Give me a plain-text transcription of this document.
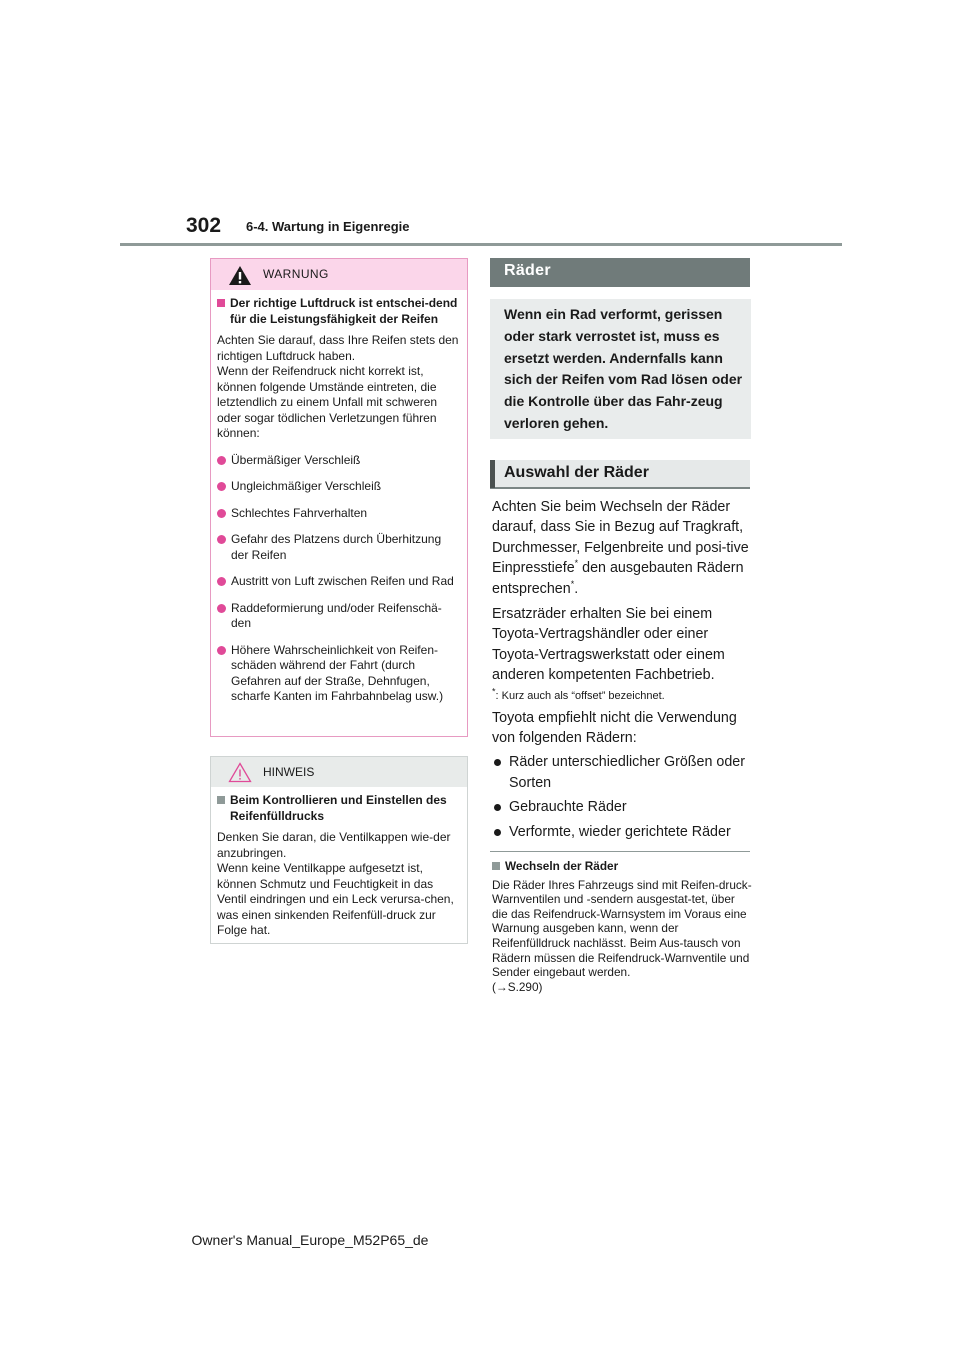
302 6-4. Wartung in Eigenregie
WARNUNG
Der richtige Luftdruck ist entschei-dend für die Leistungsfähigkeit der Reifen
Achten Sie darauf, dass Ihre Reifen stets den richtigen Luftdruck haben.
Wenn der Reifendruck nicht korrekt ist, können folgende Umstände eintreten, die letztendlich zu einem Unfall mit schweren oder sogar tödlichen Verletzungen führen können:
Übermäßiger Verschleiß
Ungleichmäßiger Verschleiß
Schlechtes Fahrverhalten
Gefahr des Platzens durch Überhitzung der Reifen
Austritt von Luft zwischen Reifen und Rad
Raddeformierung und/oder Reifenschä-den
Höhere Wahrscheinlichkeit von Reifen-schäden während der Fahrt (durch Gefahren auf der Straße, Dehnfugen, scharfe Kanten im Fahrbahnbelag usw.)
HINWEIS
Beim Kontrollieren und Einstellen des Reifenfülldrucks
Denken Sie daran, die Ventilkappen wie-der anzubringen.
Wenn keine Ventilkappe aufgesetzt ist, können Schmutz und Feuchtigkeit in das Ventil eindringen und ein Leck verursa-chen, was einen sinkenden Reifenfüll-druck zur Folge hat.
Räder
Wenn ein Rad verformt, gerissen oder stark verrostet ist, muss es ersetzt werden. Andernfalls kann sich der Reifen vom Rad lösen oder die Kontrolle über das Fahr-zeug verloren gehen.
Auswahl der Räder

Achten Sie beim Wechseln der Räder darauf, dass Sie in Bezug auf Tragkraft, Durchmesser, Felgenbreite und posi-tive Einpresstiefe* den ausgebauten Rädern entsprechen*.

Ersatzräder erhalten Sie bei einem Toyota-Vertragshändler oder einer Toyota-Vertragswerkstatt oder einem anderen kompetenten Fachbetrieb.

*: Kurz auch als “offset” bezeichnet.

Toyota empfiehlt nicht die Verwendung von folgenden Rädern:

Räder unterschiedlicher Größen oder Sorten

Gebrauchte Räder

Verformte, wieder gerichtete Räder

Wechseln der Räder
Die Räder Ihres Fahrzeugs sind mit Reifen-druck-Warnventilen und -sendern ausgestat-tet, über die das Reifendruck-Warnsystem im Voraus eine Warnung ausgeben kann, wenn der Reifenfülldruck nachlässt. Beim Aus-tausch von Rädern müssen die Reifendruck-Warnventile und Sender eingebaut werden.
(→S.290)
Owner's Manual_Europe_M52P65_de
